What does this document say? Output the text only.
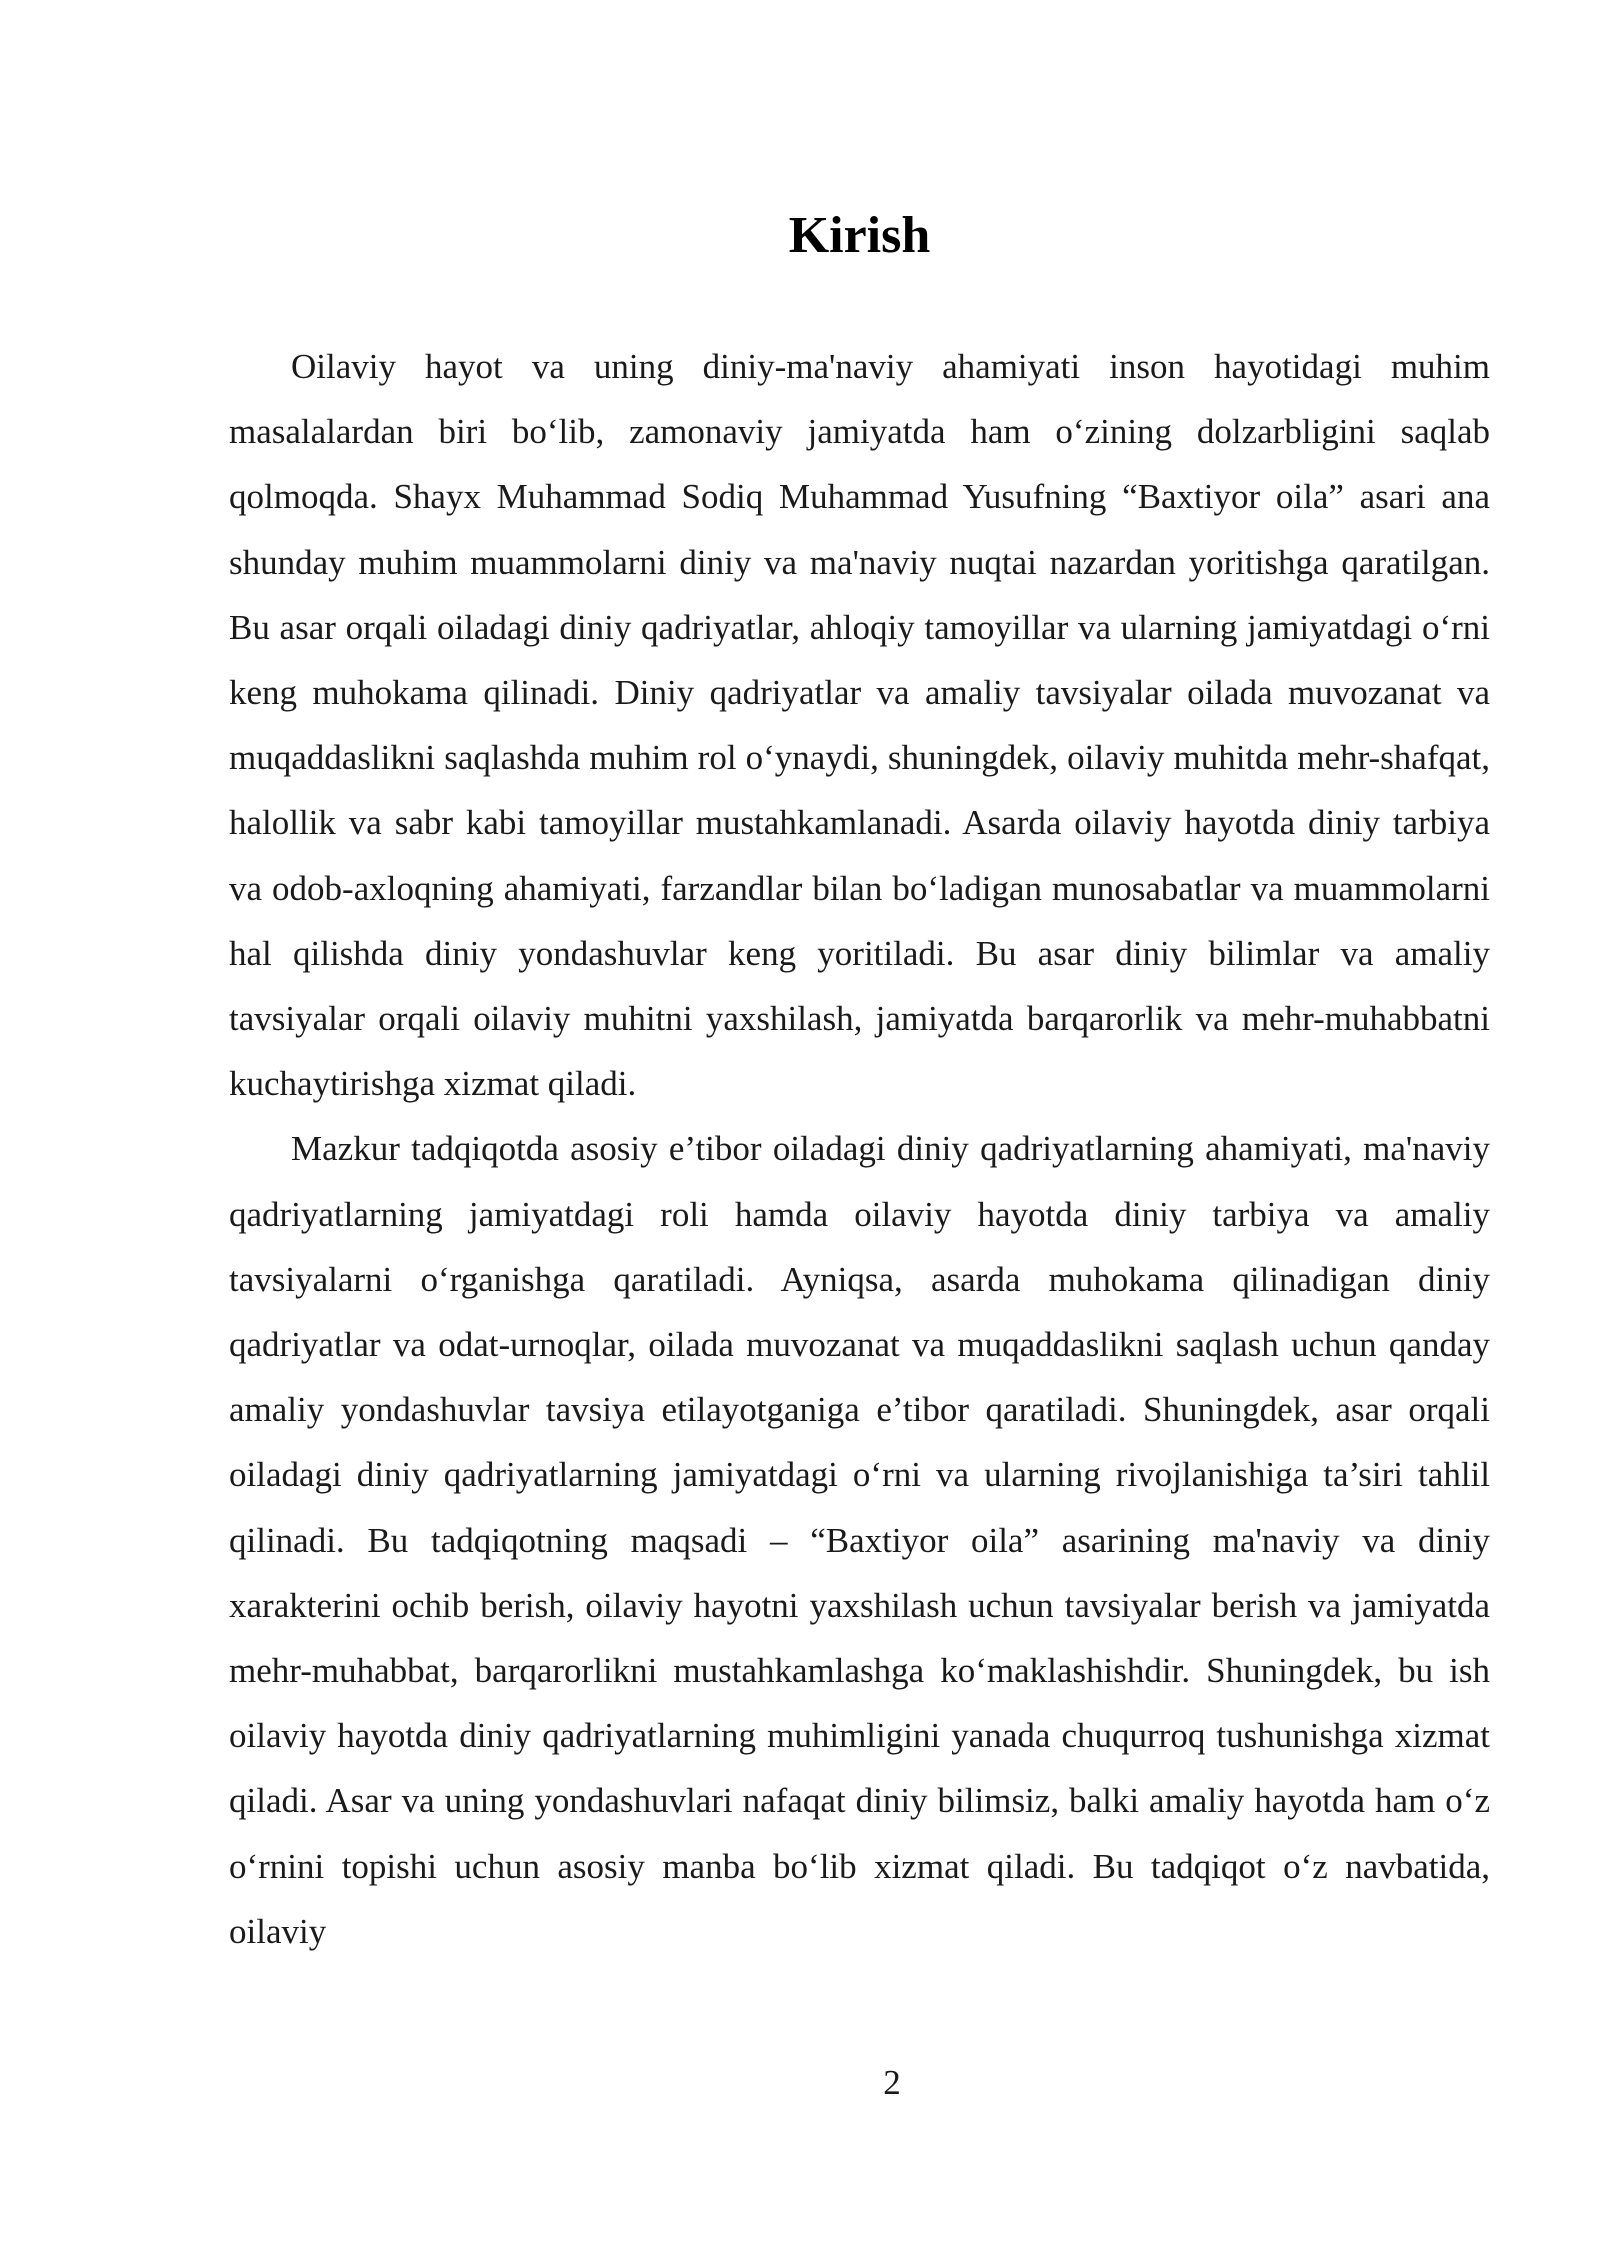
Kirish

Oilaviy hayot va uning diniy-ma'naviy ahamiyati inson hayotidagi muhim masalalardan biri bo‘lib, zamonaviy jamiyatda ham o‘zining dolzarbligini saqlab qolmoqda. Shayx Muhammad Sodiq Muhammad Yusufning “Baxtiyor oila” asari ana shunday muhim muammolarni diniy va ma'naviy nuqtai nazardan yoritishga qaratilgan. Bu asar orqali oiladagi diniy qadriyatlar, ahloqiy tamoyillar va ularning jamiyatdagi o‘rni keng muhokama qilinadi. Diniy qadriyatlar va amaliy tavsiyalar oilada muvozanat va muqaddaslikni saqlashda muhim rol o‘ynaydi, shuningdek, oilaviy muhitda mehr-shafqat, halollik va sabr kabi tamoyillar mustahkamlanadi. Asarda oilaviy hayotda diniy tarbiya va odob-axloqning ahamiyati, farzandlar bilan bo‘ladigan munosabatlar va muammolarni hal qilishda diniy yondashuvlar keng yoritiladi. Bu asar diniy bilimlar va amaliy tavsiyalar orqali oilaviy muhitni yaxshilash, jamiyatda barqarorlik va mehr-muhabbatni kuchaytirishga xizmat qiladi.

Mazkur tadqiqotda asosiy e’tibor oiladagi diniy qadriyatlarning ahamiyati, ma'naviy qadriyatlarning jamiyatdagi roli hamda oilaviy hayotda diniy tarbiya va amaliy tavsiyalarni o‘rganishga qaratiladi. Ayniqsa, asarda muhokama qilinadigan diniy qadriyatlar va odat-urnoqlar, oilada muvozanat va muqaddaslikni saqlash uchun qanday amaliy yondashuvlar tavsiya etilayotganiga e’tibor qaratiladi. Shuningdek, asar orqali oiladagi diniy qadriyatlarning jamiyatdagi o‘rni va ularning rivojlanishiga ta’siri tahlil qilinadi. Bu tadqiqotning maqsadi – “Baxtiyor oila” asarining ma'naviy va diniy xarakterini ochib berish, oilaviy hayotni yaxshilash uchun tavsiyalar berish va jamiyatda mehr-muhabbat, barqarorlikni mustahkamlashga ko‘maklashishdir. Shuningdek, bu ish oilaviy hayotda diniy qadriyatlarning muhimligini yanada chuqurroq tushunishga xizmat qiladi. Asar va uning yondashuvlari nafaqat diniy bilimsiz, balki amaliy hayotda ham o‘z o‘rnini topishi uchun asosiy manba bo‘lib xizmat qiladi. Bu tadqiqot o‘z navbatida, oilaviy

2
